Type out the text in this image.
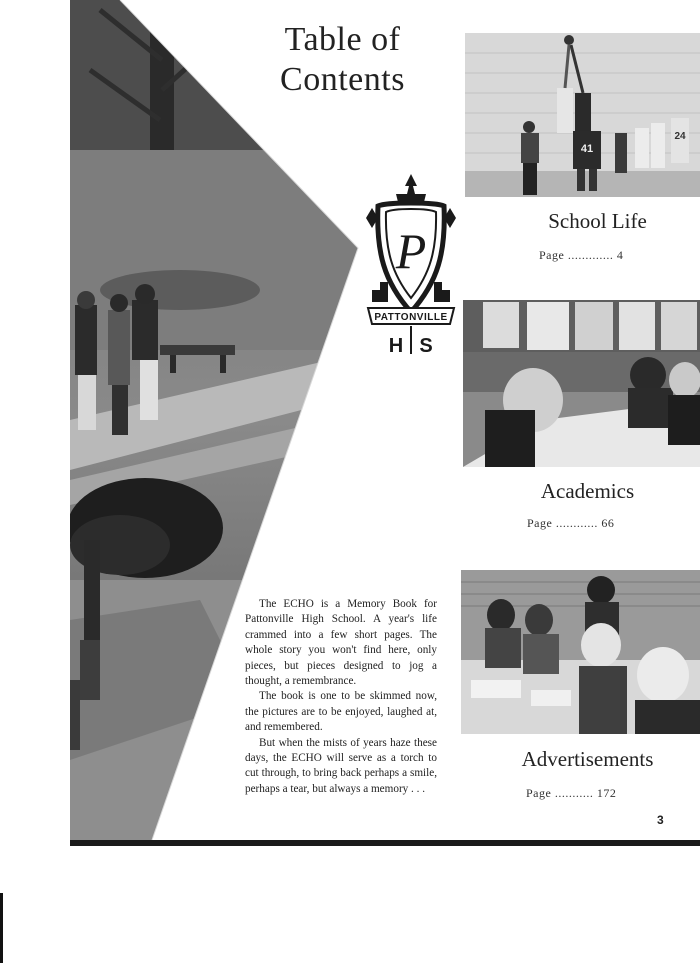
Table of
Contents
P
PATTONVILLE
H S
41
24
School Life
Page ............. 4
Academics
Page ............ 66
Advertisements
Page ........... 172

The ECHO is a Memory Book for Pattonville High School. A year's life crammed into a few short pages. The whole story you won't find here, only pieces, but pieces designed to jog a thought, a remembrance.

The book is one to be skimmed now, the pictures are to be enjoyed, laughed at, and remembered.

But when the mists of years haze these days, the ECHO will serve as a torch to cut through, to bring back perhaps a smile, perhaps a tear, but always a memory . . .

3
